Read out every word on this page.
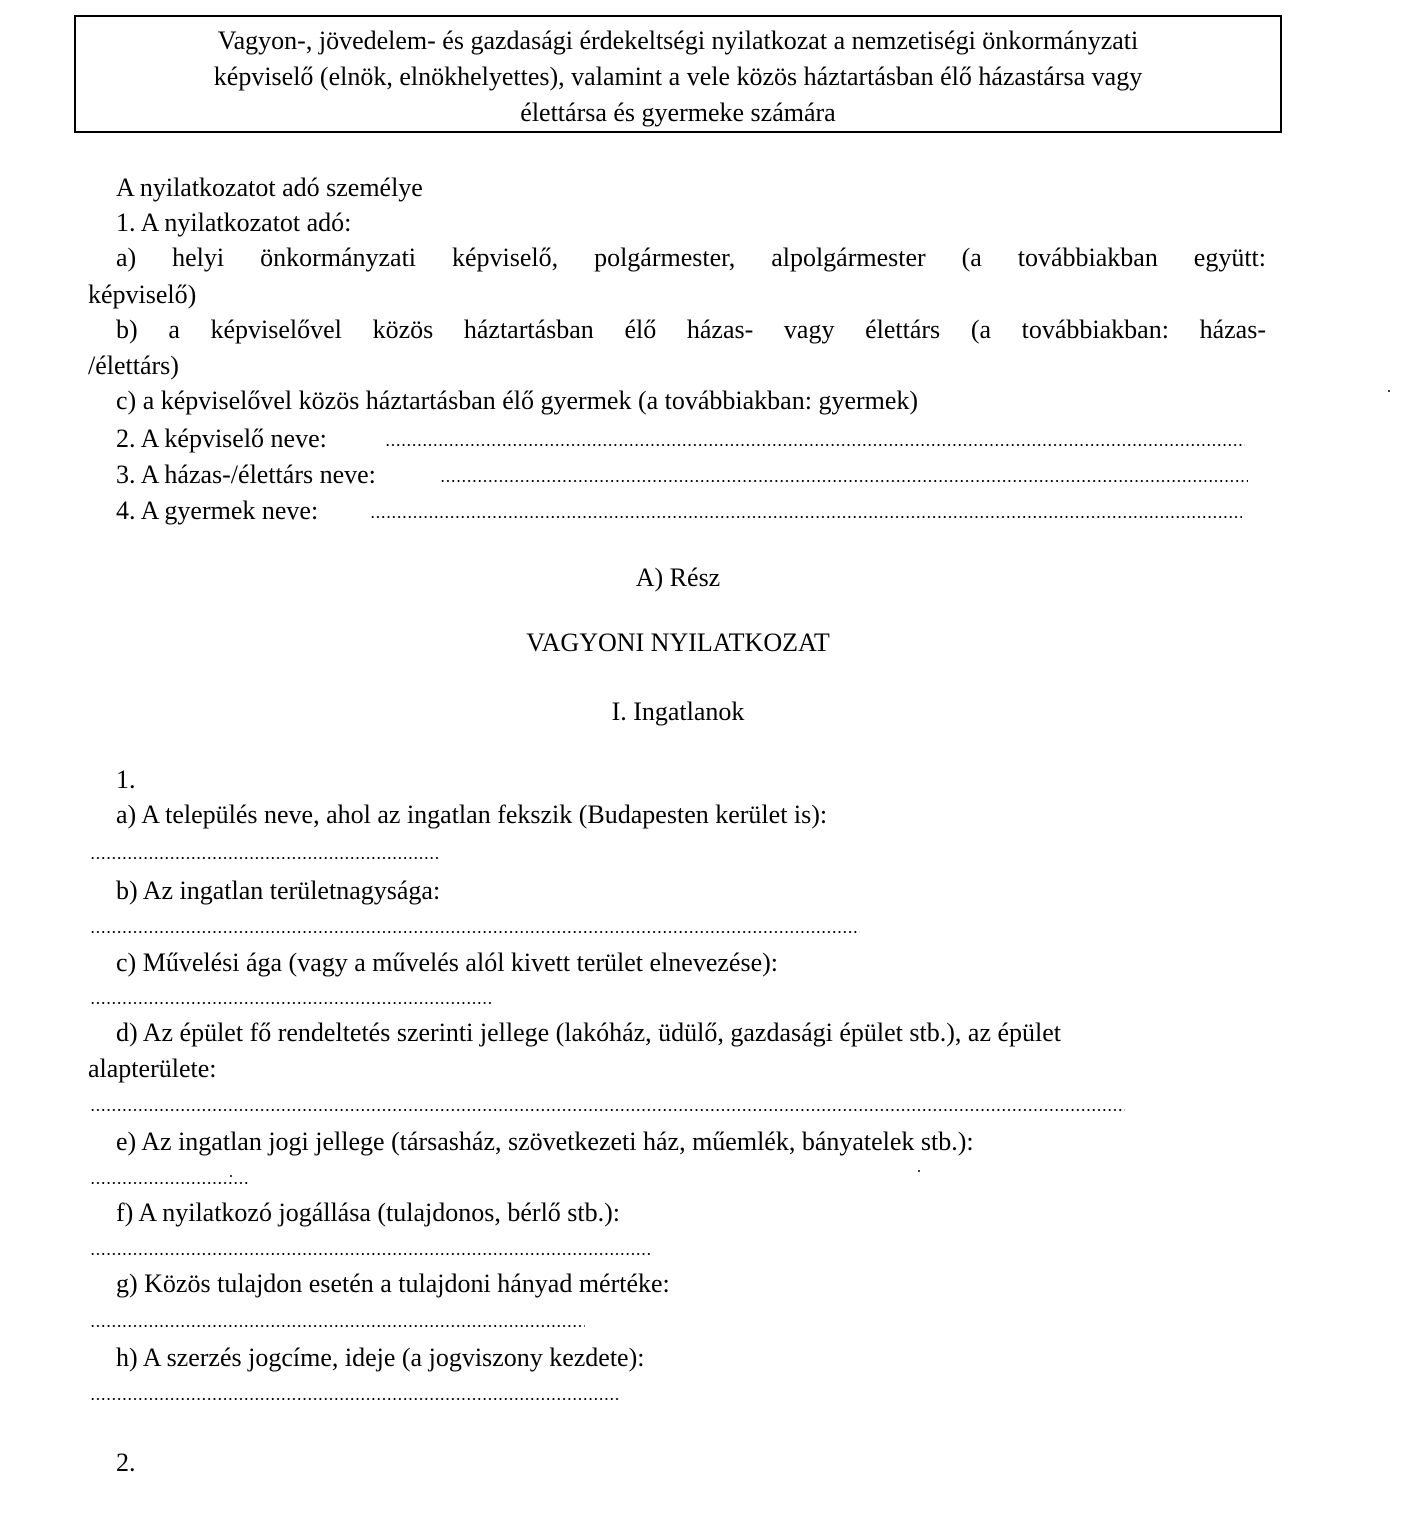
Vagyon-, jövedelem- és gazdasági érdekeltségi nyilatkozat a nemzetiségi önkormányzati
képviselő (elnök, elnökhelyettes), valamint a vele közös háztartásban élő házastársa vagy
élettársa és gyermeke számára
A nyilatkozatot adó személye
1. A nyilatkozatot adó:
a) helyi önkormányzati képviselő, polgármester, alpolgármester (a továbbiakban együtt:
képviselő)
b) a képviselővel közös háztartásban élő házas- vagy élettárs (a továbbiakban: házas-
/élettárs)
c) a képviselővel közös háztartásban élő gyermek (a továbbiakban: gyermek)
2. A képviselő neve:
3. A házas-/élettárs neve:
4. A gyermek neve:
A) Rész
VAGYONI NYILATKOZAT
I. Ingatlanok
1.
a) A település neve, ahol az ingatlan fekszik (Budapesten kerület is):
b) Az ingatlan területnagysága:
c) Művelési ága (vagy a művelés alól kivett terület elnevezése):
d) Az épület fő rendeltetés szerinti jellege (lakóház, üdülő, gazdasági épület stb.), az épület
alapterülete:
e) Az ingatlan jogi jellege (társasház, szövetkezeti ház, műemlék, bányatelek stb.):
f) A nyilatkozó jogállása (tulajdonos, bérlő stb.):
g) Közös tulajdon esetén a tulajdoni hányad mértéke:
h) A szerzés jogcíme, ideje (a jogviszony kezdete):
2.
